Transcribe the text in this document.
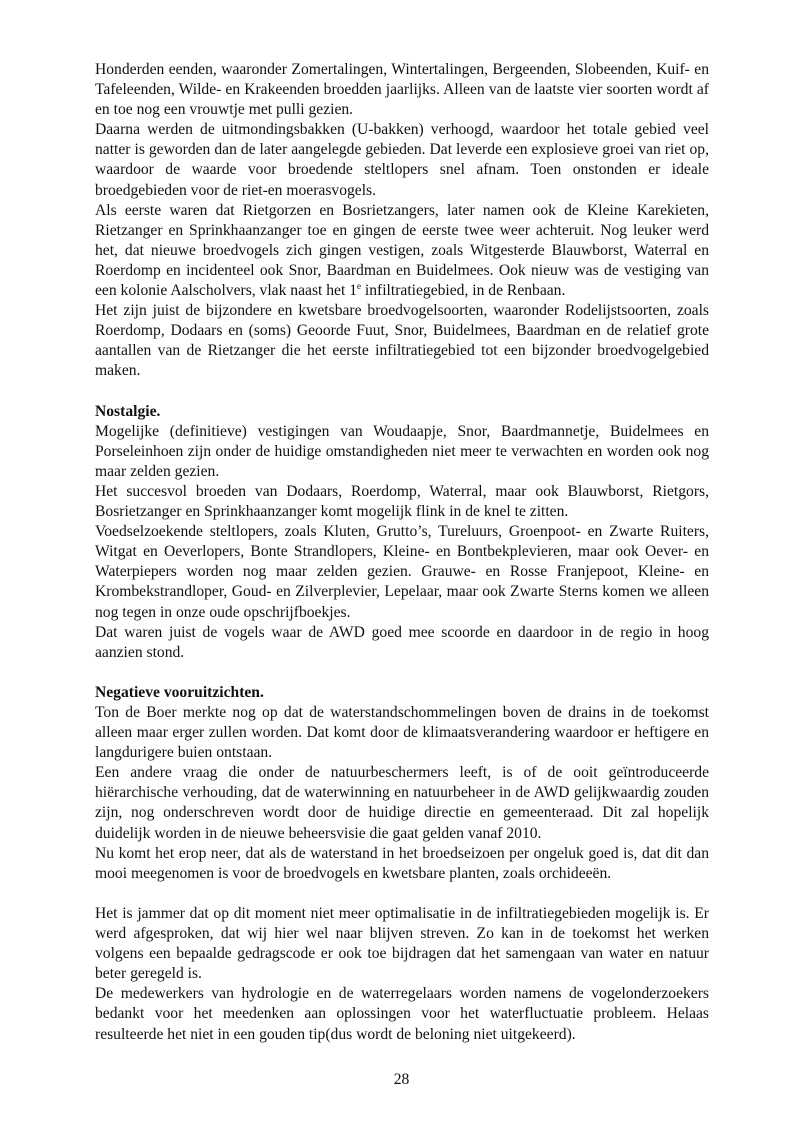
Honderden eenden, waaronder Zomertalingen, Wintertalingen, Bergeenden, Slobeenden, Kuif- en Tafeleenden, Wilde- en Krakeenden broedden jaarlijks. Alleen van de laatste vier soorten wordt af en toe nog een vrouwtje met pulli gezien.

Daarna werden de uitmondingsbakken (U-bakken) verhoogd, waardoor het totale gebied veel natter is geworden dan de later aangelegde gebieden. Dat leverde een explosieve groei van riet op, waardoor de waarde voor broedende steltlopers snel afnam. Toen onstonden er ideale broedgebieden voor de riet-en moerasvogels.

Als eerste waren dat Rietgorzen en Bosrietzangers, later namen ook de Kleine Karekieten, Rietzanger en Sprinkhaanzanger toe en gingen de eerste twee weer achteruit. Nog leuker werd het, dat nieuwe broedvogels zich gingen vestigen, zoals Witgesterde Blauwborst, Waterral en Roerdomp en incidenteel ook Snor, Baardman en Buidelmees. Ook nieuw was de vestiging van een kolonie Aalscholvers, vlak naast het 1e infiltratiegebied, in de Renbaan.

Het zijn juist de bijzondere en kwetsbare broedvogelsoorten, waaronder Rodelijstsoorten, zoals Roerdomp, Dodaars en (soms) Geoorde Fuut, Snor, Buidelmees, Baardman en de relatief grote aantallen van de Rietzanger die het eerste infiltratiegebied tot een bijzonder broedvogelgebied maken.

Nostalgie.

Mogelijke (definitieve) vestigingen van Woudaapje, Snor, Baardmannetje, Buidelmees en Porseleinhoen zijn onder de huidige omstandigheden niet meer te verwachten en worden ook nog maar zelden gezien.

Het succesvol broeden van Dodaars, Roerdomp, Waterral, maar ook Blauwborst, Rietgors, Bosrietzanger en Sprinkhaanzanger komt mogelijk flink in de knel te zitten.

Voedselzoekende steltlopers, zoals Kluten, Grutto’s, Tureluurs, Groenpoot- en Zwarte Ruiters, Witgat en Oeverlopers, Bonte Strandlopers, Kleine- en Bontbekplevieren, maar ook Oever- en Waterpiepers worden nog maar zelden gezien. Grauwe- en Rosse Franjepoot, Kleine- en Krombekstrandloper, Goud- en Zilverplevier, Lepelaar, maar ook Zwarte Sterns komen we alleen nog tegen in onze oude opschrijfboekjes.

Dat waren juist de vogels waar de AWD goed mee scoorde en daardoor in de regio in hoog aanzien stond.

Negatieve vooruitzichten.

Ton de Boer merkte nog op dat de waterstandschommelingen boven de drains in de toekomst alleen maar erger zullen worden. Dat komt door de klimaatsverandering waardoor er heftigere en langdurigere buien ontstaan.

Een andere vraag die onder de natuurbeschermers leeft, is of de ooit geïntroduceerde hiërarchische verhouding, dat de waterwinning en natuurbeheer in de AWD gelijkwaardig zouden zijn, nog onderschreven wordt door de huidige directie en gemeenteraad. Dit zal hopelijk duidelijk worden in de nieuwe beheersvisie die gaat gelden vanaf 2010.

Nu komt het erop neer, dat als de waterstand in het broedseizoen per ongeluk goed is, dat dit dan mooi meegenomen is voor de broedvogels en kwetsbare planten, zoals orchideeën.

Het is jammer dat op dit moment niet meer optimalisatie in de infiltratiegebieden mogelijk is. Er werd afgesproken, dat wij hier wel naar blijven streven. Zo kan in de toekomst het werken volgens een bepaalde gedragscode er ook toe bijdragen dat het samengaan van water en natuur beter geregeld is.

De medewerkers van hydrologie en de waterregelaars worden namens de vogelonderzoekers bedankt voor het meedenken aan oplossingen voor het waterfluctuatie probleem. Helaas resulteerde het niet in een gouden tip(dus wordt de beloning niet uitgekeerd).

28
